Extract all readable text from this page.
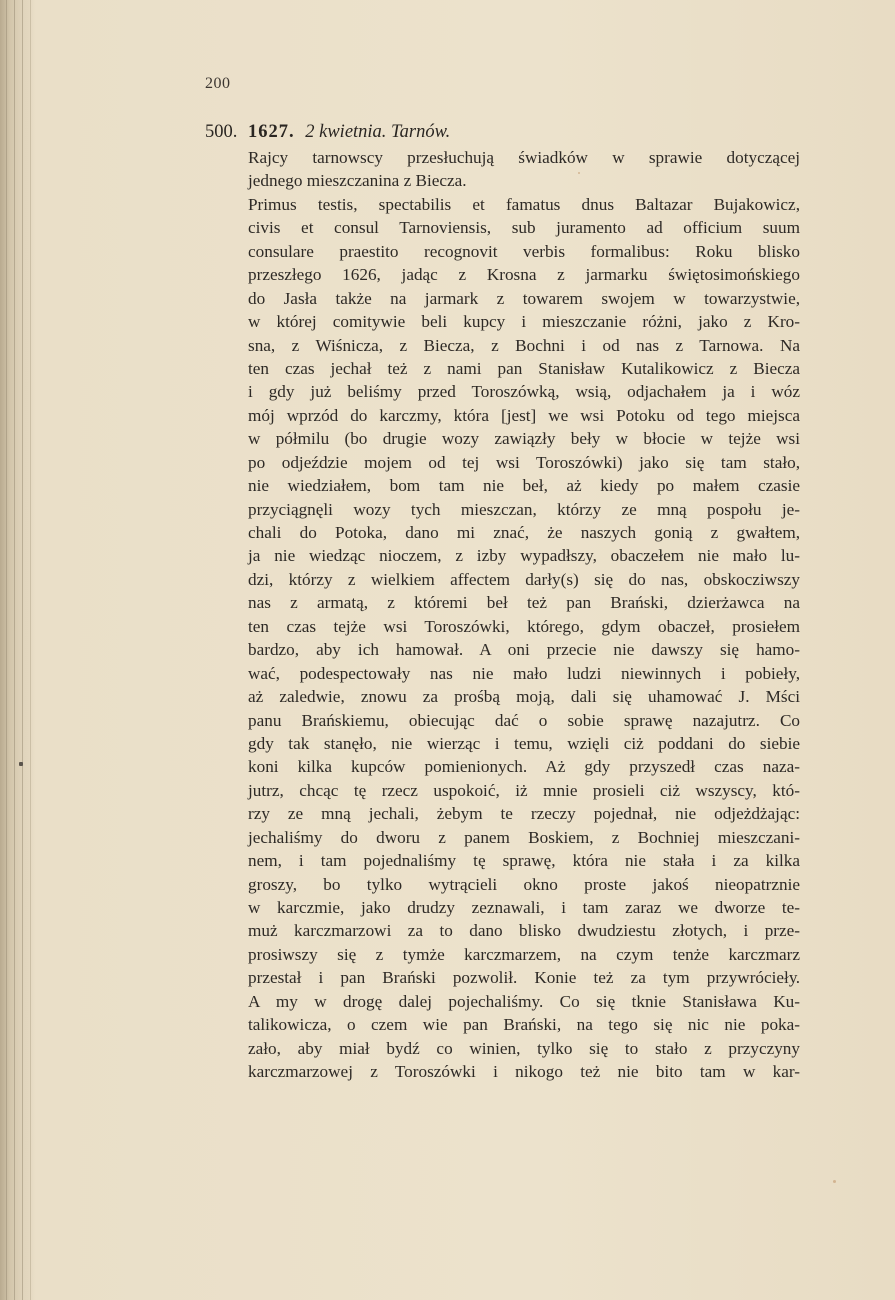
200
500. 1627. 2 kwietnia. Tarnów.
Rajcy tarnowscy przesłuchują świadków w sprawie dotyczącej
jednego mieszczanina z Biecza.
Primus testis, spectabilis et famatus dnus Baltazar Bujakowicz,
civis et consul Tarnoviensis, sub juramento ad officium suum
consulare praestito recognovit verbis formalibus: Roku blisko
przeszłego 1626, jadąc z Krosna z jarmarku świętosimońskiego
do Jasła także na jarmark z towarem swojem w towarzystwie,
w której comitywie beli kupcy i mieszczanie różni, jako z Kro-
sna, z Wiśnicza, z Biecza, z Bochni i od nas z Tarnowa. Na
ten czas jechał też z nami pan Stanisław Kutalikowicz z Biecza
i gdy już beliśmy przed Toroszówką, wsią, odjachałem ja i wóz
mój wprzód do karczmy, która [jest] we wsi Potoku od tego miejsca
w półmilu (bo drugie wozy zawiązły beły w błocie w tejże wsi
po odjeździe mojem od tej wsi Toroszówki) jako się tam stało,
nie wiedziałem, bom tam nie beł, aż kiedy po małem czasie
przyciągnęli wozy tych mieszczan, którzy ze mną pospołu je-
chali do Potoka, dano mi znać, że naszych gonią z gwałtem,
ja nie wiedząc nioczem, z izby wypadłszy, obaczełem nie mało lu-
dzi, którzy z wielkiem affectem darły(s) się do nas, obskocziwszy
nas z armatą, z któremi beł też pan Brański, dzierżawca na
ten czas tejże wsi Toroszówki, którego, gdym obaczeł, prosiełem
bardzo, aby ich hamował. A oni przecie nie dawszy się hamo-
wać, podespectowały nas nie mało ludzi niewinnych i pobieły,
aż zaledwie, znowu za prośbą moją, dali się uhamować J. Mści
panu Brańskiemu, obiecując dać o sobie sprawę nazajutrz. Co
gdy tak stanęło, nie wierząc i temu, wzięli ciż poddani do siebie
koni kilka kupców pomienionych. Aż gdy przyszedł czas naza-
jutrz, chcąc tę rzecz uspokoić, iż mnie prosieli ciż wszyscy, któ-
rzy ze mną jechali, żebym te rzeczy pojednał, nie odjeżdżając:
jechaliśmy do dworu z panem Boskiem, z Bochniej mieszczani-
nem, i tam pojednaliśmy tę sprawę, która nie stała i za kilka
groszy, bo tylko wytrącieli okno proste jakoś nieopatrznie
w karczmie, jako drudzy zeznawali, i tam zaraz we dworze te-
muż karczmarzowi za to dano blisko dwudziestu złotych, i prze-
prosiwszy się z tymże karczmarzem, na czym tenże karczmarz
przestał i pan Brański pozwolił. Konie też za tym przywróciełу.
A my w drogę dalej pojechaliśmy. Co się tknie Stanisława Ku-
talikowicza, o czem wie pan Brański, na tego się nic nie poka-
zało, aby miał bydź co winien, tylko się to stało z przyczyny
karczmarzowej z Toroszówki i nikogo też nie bito tam w kar-
